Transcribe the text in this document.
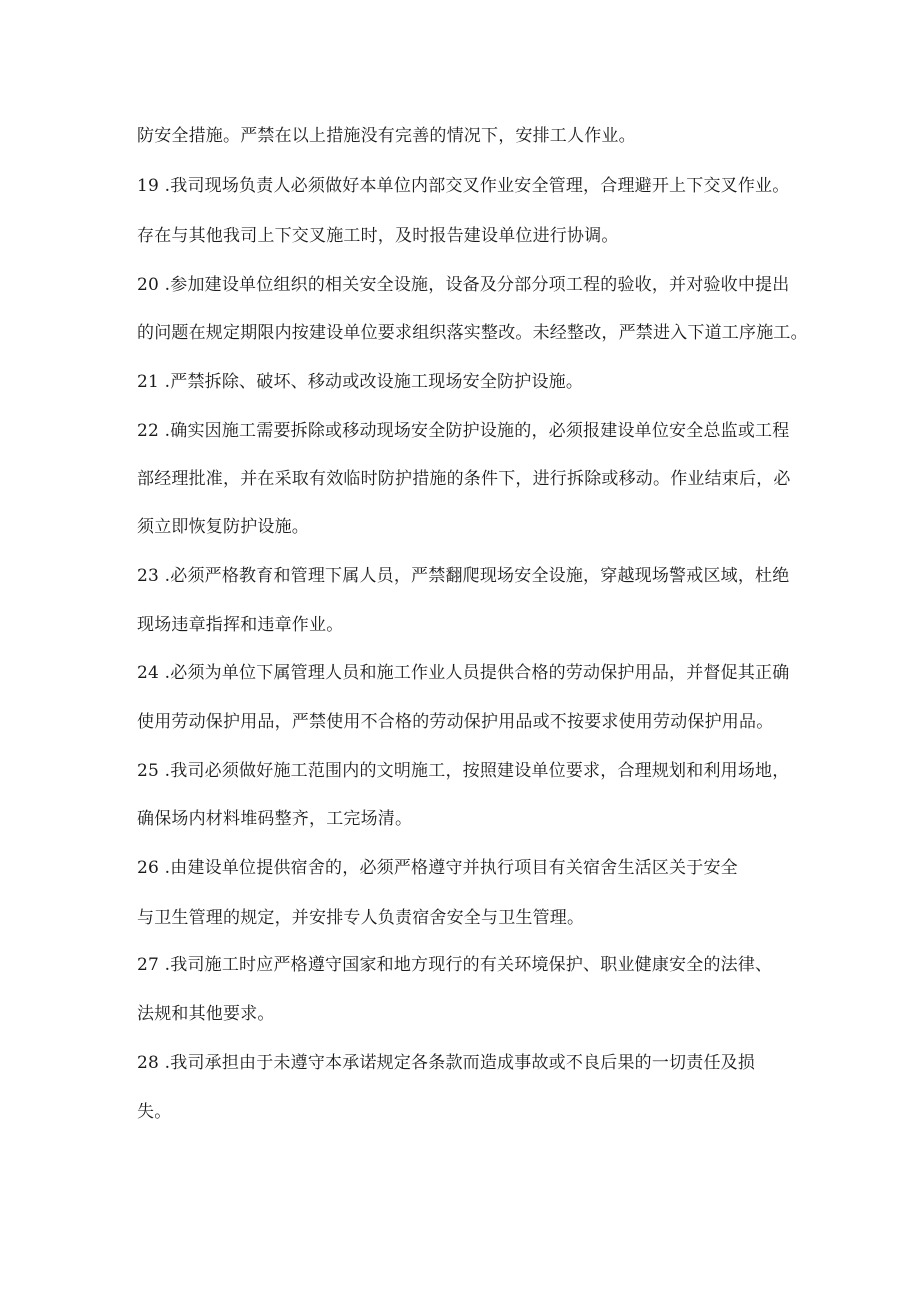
防安全措施。严禁在以上措施没有完善的情况下，安排工人作业。
19 .我司现场负责人必须做好本单位内部交叉作业安全管理，合理避开上下交叉作业。
存在与其他我司上下交叉施工时，及时报告建设单位进行协调。
20 .参加建设单位组织的相关安全设施，设备及分部分项工程的验收，并对验收中提出
的问题在规定期限内按建设单位要求组织落实整改。未经整改，严禁进入下道工序施工。
21 .严禁拆除、破坏、移动或改设施工现场安全防护设施。
22 .确实因施工需要拆除或移动现场安全防护设施的，必须报建设单位安全总监或工程
部经理批准，并在采取有效临时防护措施的条件下，进行拆除或移动。作业结束后，必
须立即恢复防护设施。
23 .必须严格教育和管理下属人员，严禁翻爬现场安全设施，穿越现场警戒区域，杜绝
现场违章指挥和违章作业。
24 .必须为单位下属管理人员和施工作业人员提供合格的劳动保护用品，并督促其正确
使用劳动保护用品，严禁使用不合格的劳动保护用品或不按要求使用劳动保护用品。
25 .我司必须做好施工范围内的文明施工，按照建设单位要求，合理规划和利用场地，
确保场内材料堆码整齐，工完场清。
26 .由建设单位提供宿舍的，必须严格遵守并执行项目有关宿舍生活区关于安全
与卫生管理的规定，并安排专人负责宿舍安全与卫生管理。
27 .我司施工时应严格遵守国家和地方现行的有关环境保护、职业健康安全的法律、
法规和其他要求。
28 .我司承担由于未遵守本承诺规定各条款而造成事故或不良后果的一切责任及损
失。
